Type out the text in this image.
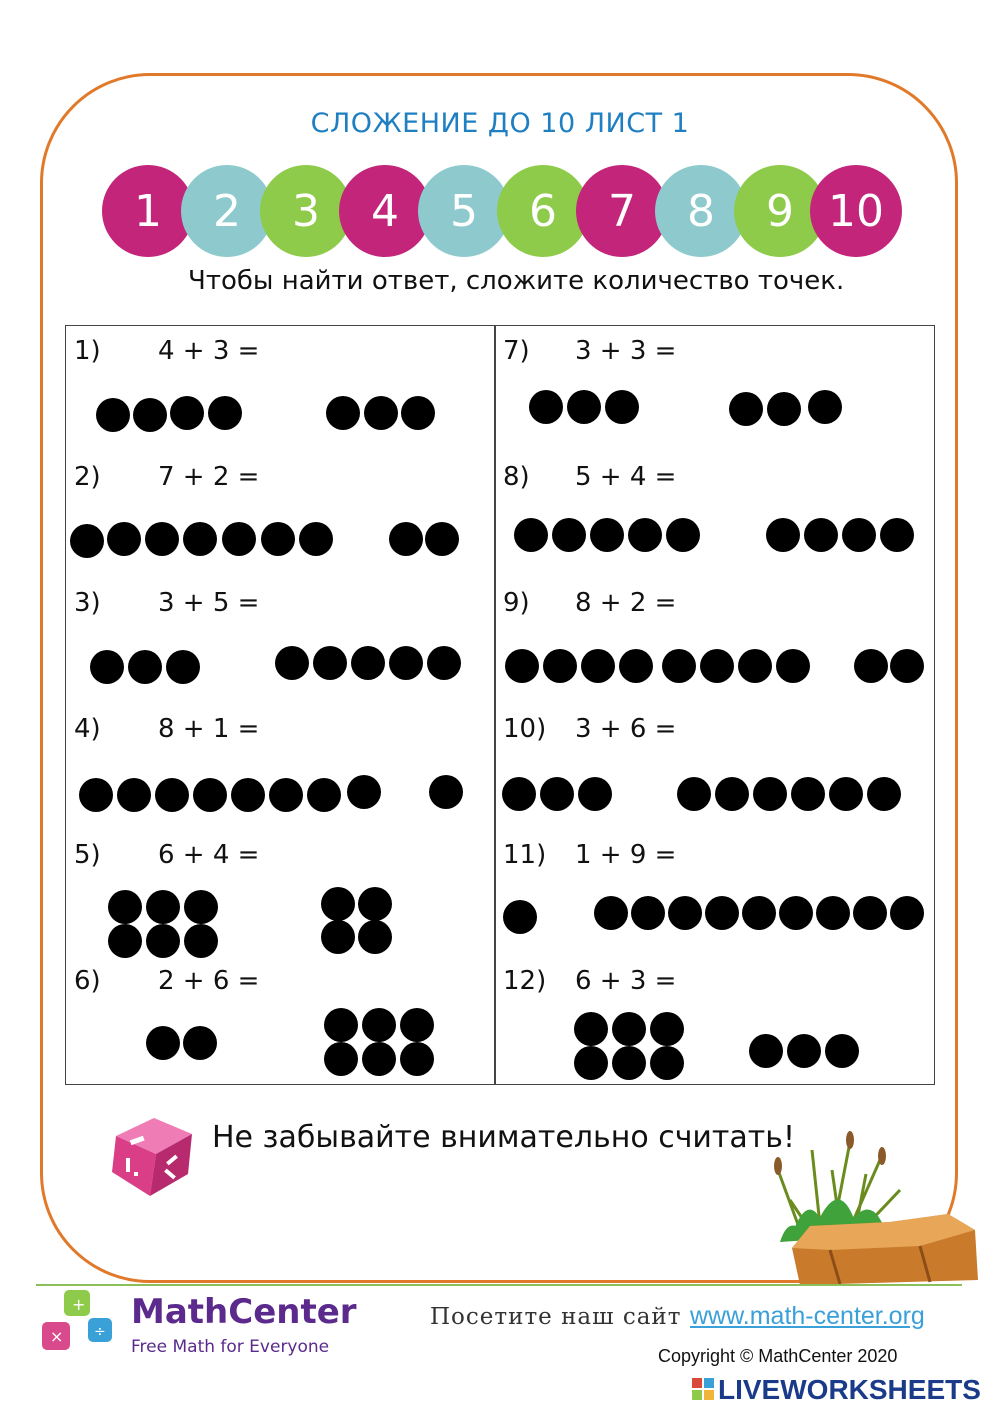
СЛОЖЕНИЕ ДО 10 ЛИСТ 1
1	2	3	4	5	6	7	8	9 10
Чтобы найти ответ, сложите количество точек.
1) 4 + 3 =
2) 7 + 2 =
3) 3 + 5 =
4) 8 + 1 =
5) 6 + 4 =
6) 2 + 6 =
7) 3 + 3 =
8) 5 + 4 =
9) 8 + 2 =
10) 3 + 6 =
11) 1 + 9 =
12) 6 + 3 =
Не забывайте внимательно считать!
×
+
÷ MathCenter
Free Math for Everyone
Посетите наш сайт www.math-center.org
Copyright © MathCenter 2020
LIVEWORKSHEETS
